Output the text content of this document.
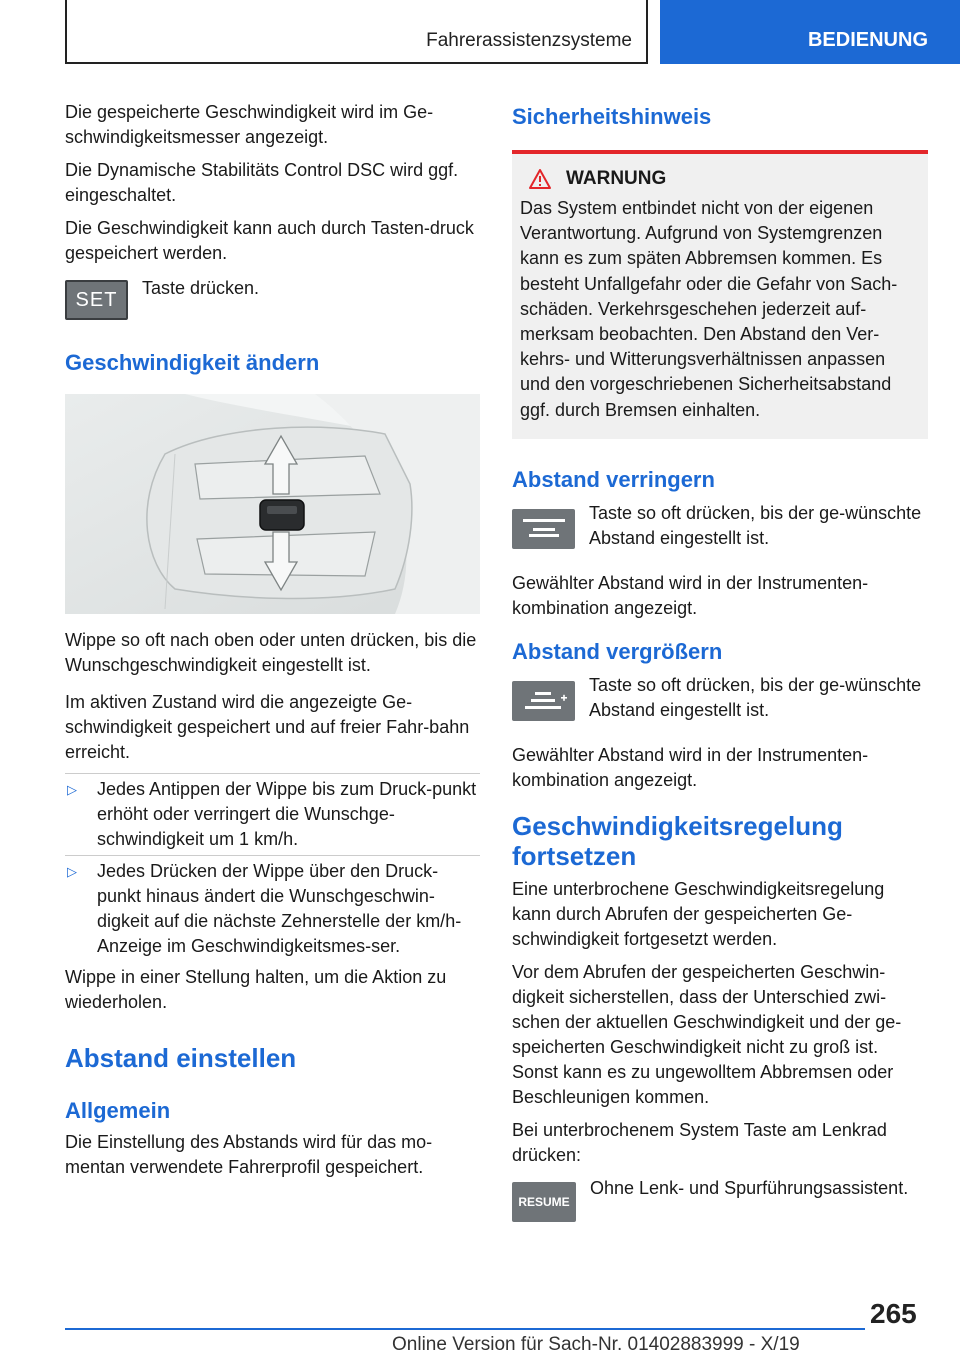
Fahrerassistenzsysteme	BEDIENUNG

Die gespeicherte Geschwindigkeit wird im Ge-schwindigkeitsmesser angezeigt.

Die Dynamische Stabilitäts Control DSC wird ggf. eingeschaltet.

Die Geschwindigkeit kann auch durch Tasten-druck gespeichert werden.

SET
Taste drücken.
Geschwindigkeit ändern

Wippe so oft nach oben oder unten drücken, bis die Wunschgeschwindigkeit eingestellt ist.

Im aktiven Zustand wird die angezeigte Ge-schwindigkeit gespeichert und auf freier Fahr-bahn erreicht.

▷	Jedes Antippen der Wippe bis zum Druck-punkt erhöht oder verringert die Wunschge-schwindigkeit um 1 km/h.
▷	Jedes Drücken der Wippe über den Druck-punkt hinaus ändert die Wunschgeschwin-digkeit auf die nächste Zehnerstelle der km/h-Anzeige im Geschwindigkeitsmes-ser.

Wippe in einer Stellung halten, um die Aktion zu wiederholen.

Abstand einstellen
Allgemein

Die Einstellung des Abstands wird für das mo-mentan verwendete Fahrerprofil gespeichert.

Sicherheitshinweis
WARNUNG

Das System entbindet nicht von der eigenen Verantwortung. Aufgrund von Systemgrenzen kann es zum späten Abbremsen kommen. Es besteht Unfallgefahr oder die Gefahr von Sach-schäden. Verkehrsgeschehen jederzeit auf-merksam beobachten. Den Abstand den Ver-kehrs- und Witterungsverhältnissen anpassen und den vorgeschriebenen Sicherheitsabstand ggf. durch Bremsen einhalten.

Abstand verringern
Taste so oft drücken, bis der ge-wünschte Abstand eingestellt ist.

Gewählter Abstand wird in der Instrumenten-kombination angezeigt.

Abstand vergrößern
Taste so oft drücken, bis der ge-wünschte Abstand eingestellt ist.

Gewählter Abstand wird in der Instrumenten-kombination angezeigt.

Geschwindigkeitsregelung fortsetzen

Eine unterbrochene Geschwindigkeitsregelung kann durch Abrufen der gespeicherten Ge-schwindigkeit fortgesetzt werden.

Vor dem Abrufen der gespeicherten Geschwin-digkeit sicherstellen, dass der Unterschied zwi-schen der aktuellen Geschwindigkeit und der ge-speicherten Geschwindigkeit nicht zu groß ist. Sonst kann es zu ungewolltem Abbremsen oder Beschleunigen kommen.

Bei unterbrochenem System Taste am Lenkrad drücken:

RESUME
Ohne Lenk- und Spurführungsassistent.
265
Online Version für Sach-Nr. 01402883999 - X/19
